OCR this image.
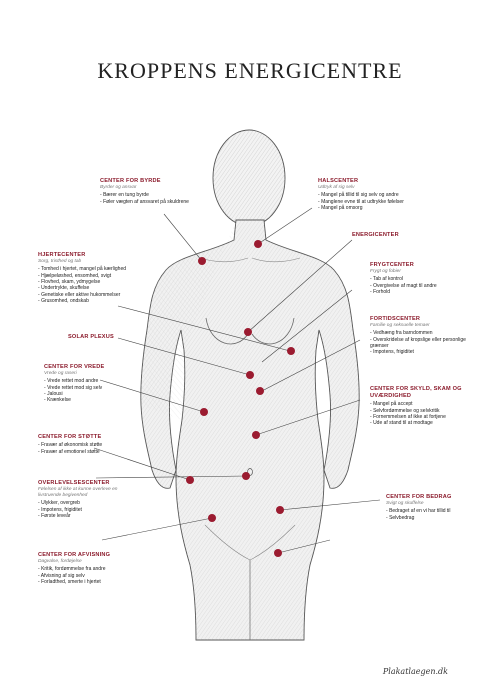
KROPPENS ENERGICENTRE
CENTER FOR BYRDE
Byrder og ansvar
- Bærer en tung byrde
- Føler vægten af ansvaret på skuldrene
HALSCENTER
Udtryk af sig selv
- Mangel på tillid til sig selv og andre
- Manglene evne til at udtrykke følelser
- Mangel på omsorg
ENERGICENTER
HJERTECENTER
Sorg, tristhed og tab
- Tomhed i hjertet, mangel på kærlighed
- Hjælpeløshed, ensomhed, svigt
- Flovhed, skam, ydmygelse
- Undertrykte, skuffelse
- Genetiske eller aktive hukommelser
- Grusomhed, ondskab
FRYGTCENTER
Frygt og fobier
- Tab af kontrol
- Overgivelse af magt til andre
- Forhold
SOLAR PLEXUS
FORTIDSCENTER
Familie og seksuelle temaer
- Vedhæng fra barndommen
- Overskridelse af kropslige eller personlige grænser
- Impotens, frigiditet
CENTER FOR VREDE
Vrede og raseri
- Vrede rettet mod andre
- Vrede rettet mod sig selv
- Jalousi
- Krænkelse
CENTER FOR SKYLD, SKAM OG UVÆRDIGHED
- Mangel på accept
- Selvfordømmelse og selvkritik
- Fornemmelsen af ikke at fortjene
- Ude af stand til at modtage
CENTER FOR STØTTE
- Fravær af økonomisk støtte
- Fravær af emotionel støtte
OVERLEVELSESCENTER
Følelsen af ikke at kunne overleve en livstruende begivenhed
- Ulykker, overgreb
- Impotens, frigiditet
- Første leveår
CENTER FOR BEDRAG
Svigt og skuffelse
- Bedraget af en vi har tillid til
- Selvbedrag
CENTER FOR AFVISNING
Dagvalse, fordøjelse
- Kritik, fordømmelse fra andre
- Afvisning af sig selv
- Forladthed, smerte i hjertet
Plakatlaegen.dk
